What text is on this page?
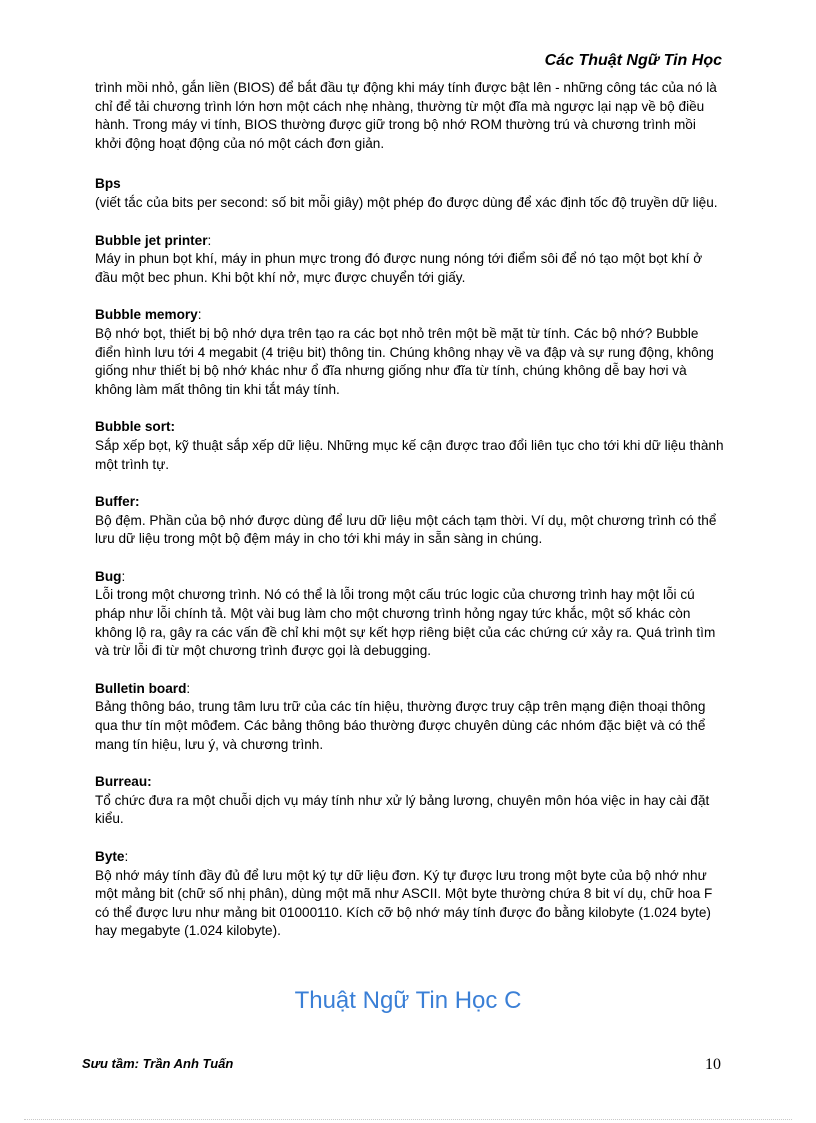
Các Thuật Ngữ Tin Học

trình mồi nhỏ, gắn liền (BIOS) để bắt đầu tự động khi máy tính được bật lên - những công tác của nó là chỉ để tải chương trình lớn hơn một cách nhẹ nhàng, thường từ một đĩa mà ngược lại nạp về bộ điều hành. Trong máy vi tính, BIOS thường được giữ trong bộ nhớ ROM thường trú và chương trình mồi khởi động hoạt động của nó một cách đơn giản.

Bps

(viết tắc của bits per second: số bit mỗi giây) một phép đo được dùng để xác định tốc độ truyền dữ liệu.

Bubble jet printer:

Máy in phun bọt khí, máy in phun mực trong đó được nung nóng tới điểm sôi để nó tạo một bọt khí ở đầu một bec phun. Khi bột khí nở, mực được chuyển tới giấy.

Bubble memory:

Bộ nhớ bọt, thiết bị bộ nhớ dựa trên tạo ra các bọt nhỏ trên một bề mặt từ tính. Các bộ nhớ? Bubble điển hình lưu tới 4 megabit (4 triệu bit) thông tin. Chúng không nhạy về va đập và sự rung động, không giống như thiết bị bộ nhớ khác như ổ đĩa nhưng giống như đĩa từ tính, chúng không dễ bay hơi và không làm mất thông tin khi tắt máy tính.

Bubble sort:

Sắp xếp bọt, kỹ thuật sắp xếp dữ liệu. Những mục kế cận được trao đổi liên tục cho tới khi dữ liệu thành một trình tự.

Buffer:

Bộ đệm. Phần của bộ nhớ được dùng để lưu dữ liệu một cách tạm thời. Ví dụ, một chương trình có thể lưu dữ liệu trong một bộ đệm máy in cho tới khi máy in sẵn sàng in chúng.

Bug:

Lỗi trong một chương trình. Nó có thể là lỗi trong một cấu trúc logic của chương trình hay một lỗi cú pháp như lỗi chính tả. Một vài bug làm cho một chương trình hỏng ngay tức khắc, một số khác còn không lộ ra, gây ra các vấn đề chỉ khi một sự kết hợp riêng biệt của các chứng cứ xảy ra. Quá trình tìm và trừ lỗi đi từ một chương trình được gọi là debugging.

Bulletin board:

Bảng thông báo, trung tâm lưu trữ của các tín hiệu, thường được truy cập trên mạng điện thoại thông qua thư tín một môđem. Các bảng thông báo thường được chuyên dùng các nhóm đặc biệt và có thể mang tín hiệu, lưu ý, và chương trình.

Burreau:

Tổ chức đưa ra một chuỗi dịch vụ máy tính như xử lý bảng lương, chuyên môn hóa việc in hay cài đặt kiểu.

Byte:

Bộ nhớ máy tính đầy đủ để lưu một ký tự dữ liệu đơn. Ký tự được lưu trong một byte của bộ nhớ như một mảng bit (chữ số nhị phân), dùng một mã như ASCII. Một byte thường chứa 8 bit ví dụ, chữ hoa F có thể được lưu như mảng bit 01000110. Kích cỡ bộ nhớ máy tính được đo bằng kilobyte (1.024 byte) hay megabyte (1.024 kilobyte).

Thuật Ngữ Tin Học C
Sưu tầm: Trần Anh Tuấn	10
